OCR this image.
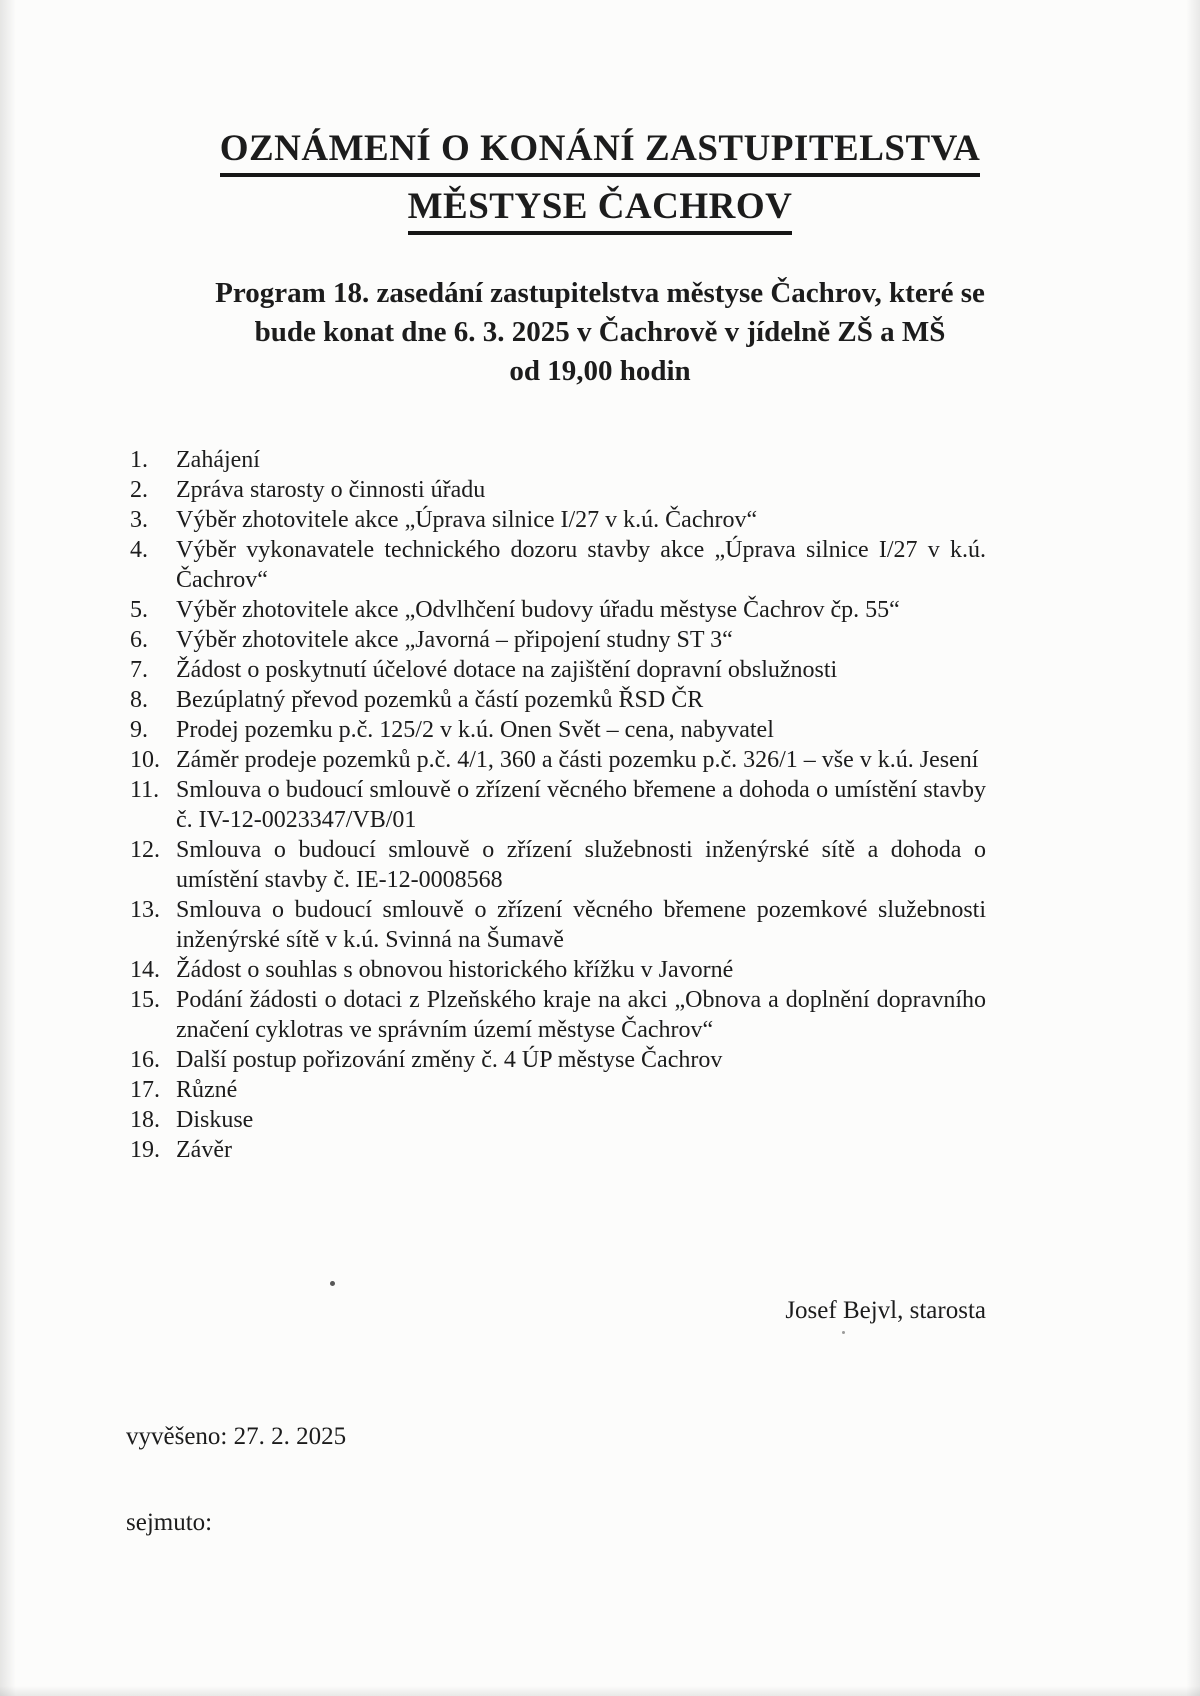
OZNÁMENÍ O KONÁNÍ ZASTUPITELSTVA
MĚSTYSE ČACHROV
Program 18. zasedání zastupitelstva městyse Čachrov, které se
bude konat dne 6. 3. 2025 v Čachrově v jídelně ZŠ a MŠ
od 19,00 hodin
1. Zahájení
2. Zpráva starosty o činnosti úřadu
3. Výběr zhotovitele akce „Úprava silnice I/27 v k.ú. Čachrov“
4. Výběr vykonavatele technického dozoru stavby akce „Úprava silnice I/27 v k.ú. Čachrov“
5. Výběr zhotovitele akce „Odvlhčení budovy úřadu městyse Čachrov čp. 55“
6. Výběr zhotovitele akce „Javorná – připojení studny ST 3“
7. Žádost o poskytnutí účelové dotace na zajištění dopravní obslužnosti
8. Bezúplatný převod pozemků a částí pozemků ŘSD ČR
9. Prodej pozemku p.č. 125/2 v k.ú. Onen Svět – cena, nabyvatel
10. Záměr prodeje pozemků p.č. 4/1, 360 a části pozemku p.č. 326/1 – vše v k.ú. Jesení
11. Smlouva o budoucí smlouvě o zřízení věcného břemene a dohoda o umístění stavby č. IV-12-0023347/VB/01
12. Smlouva o budoucí smlouvě o zřízení služebnosti inženýrské sítě a dohoda o umístění stavby č. IE-12-0008568
13. Smlouva o budoucí smlouvě o zřízení věcného břemene pozemkové služebnosti inženýrské sítě v k.ú. Svinná na Šumavě
14. Žádost o souhlas s obnovou historického křížku v Javorné
15. Podání žádosti o dotaci z Plzeňského kraje na akci „Obnova a doplnění dopravního značení cyklotras ve správním území městyse Čachrov“
16. Další postup pořizování změny č. 4 ÚP městyse Čachrov
17. Různé
18. Diskuse
19. Závěr
Josef Bejvl, starosta
vyvěšeno: 27. 2. 2025
sejmuto:
